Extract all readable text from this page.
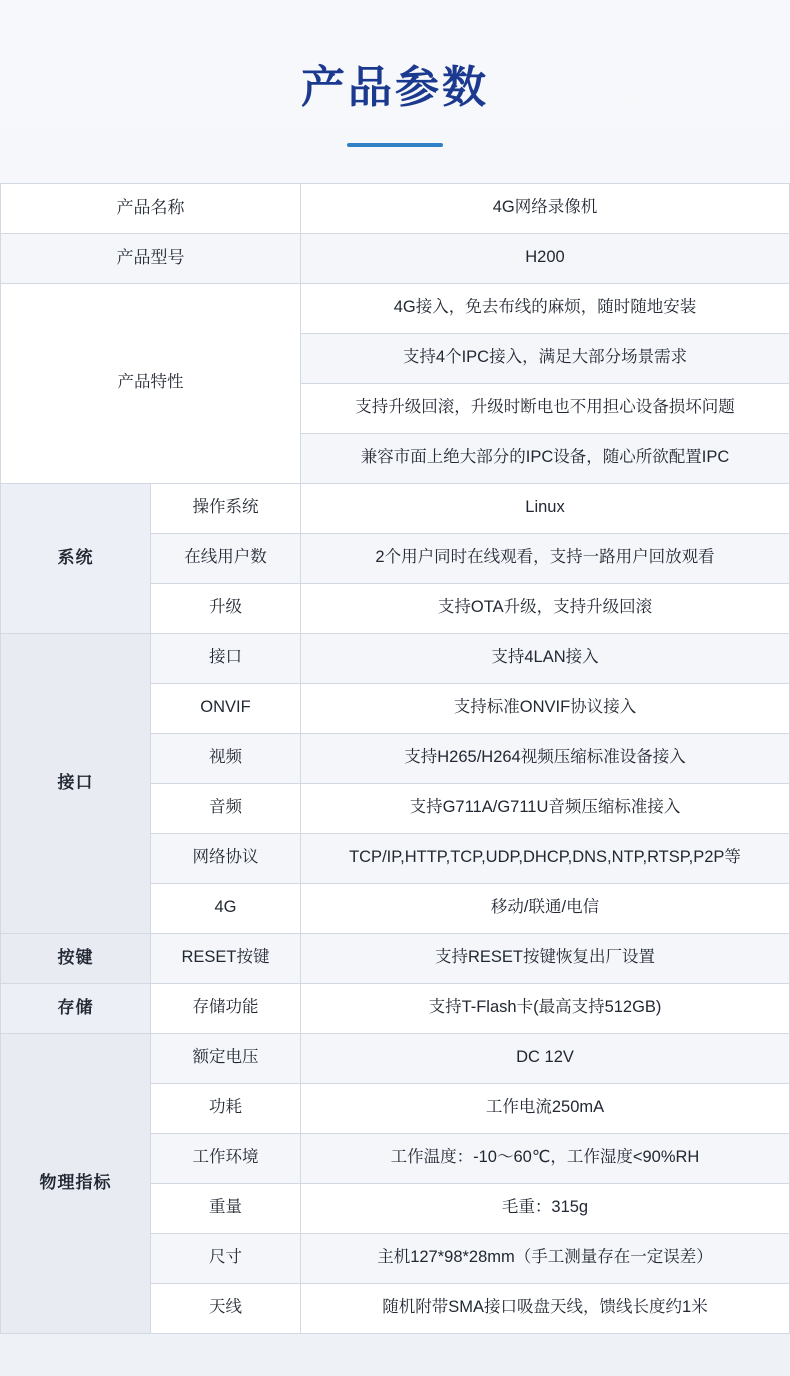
产品参数
产品名称		4G网络录像机
产品型号		H200
产品特性		4G接入，免去布线的麻烦，随时随地安装
		支持4个IPC接入，满足大部分场景需求
		支持升级回滚，升级时断电也不用担心设备损坏问题
		兼容市面上绝大部分的IPC设备，随心所欲配置IPC
系统	操作系统	Linux
	在线用户数	2个用户同时在线观看，支持一路用户回放观看
	升级	支持OTA升级，支持升级回滚
接口	接口	支持4LAN接入
	ONVIF	支持标准ONVIF协议接入
	视频	支持H265/H264视频压缩标准设备接入
	音频	支持G711A/G711U音频压缩标准接入
	网络协议	TCP/IP,HTTP,TCP,UDP,DHCP,DNS,NTP,RTSP,P2P等
	4G	移动/联通/电信
按键	RESET按键	支持RESET按键恢复出厂设置
存储	存储功能	支持T-Flash卡(最高支持512GB)
物理指标	额定电压	DC 12V
	功耗	工作电流250mA
	工作环境	工作温度：-10～60℃，工作湿度<90%RH
	重量	毛重：315g
	尺寸	主机127*98*28mm（手工测量存在一定误差）
	天线	随机附带SMA接口吸盘天线，馈线长度约1米
